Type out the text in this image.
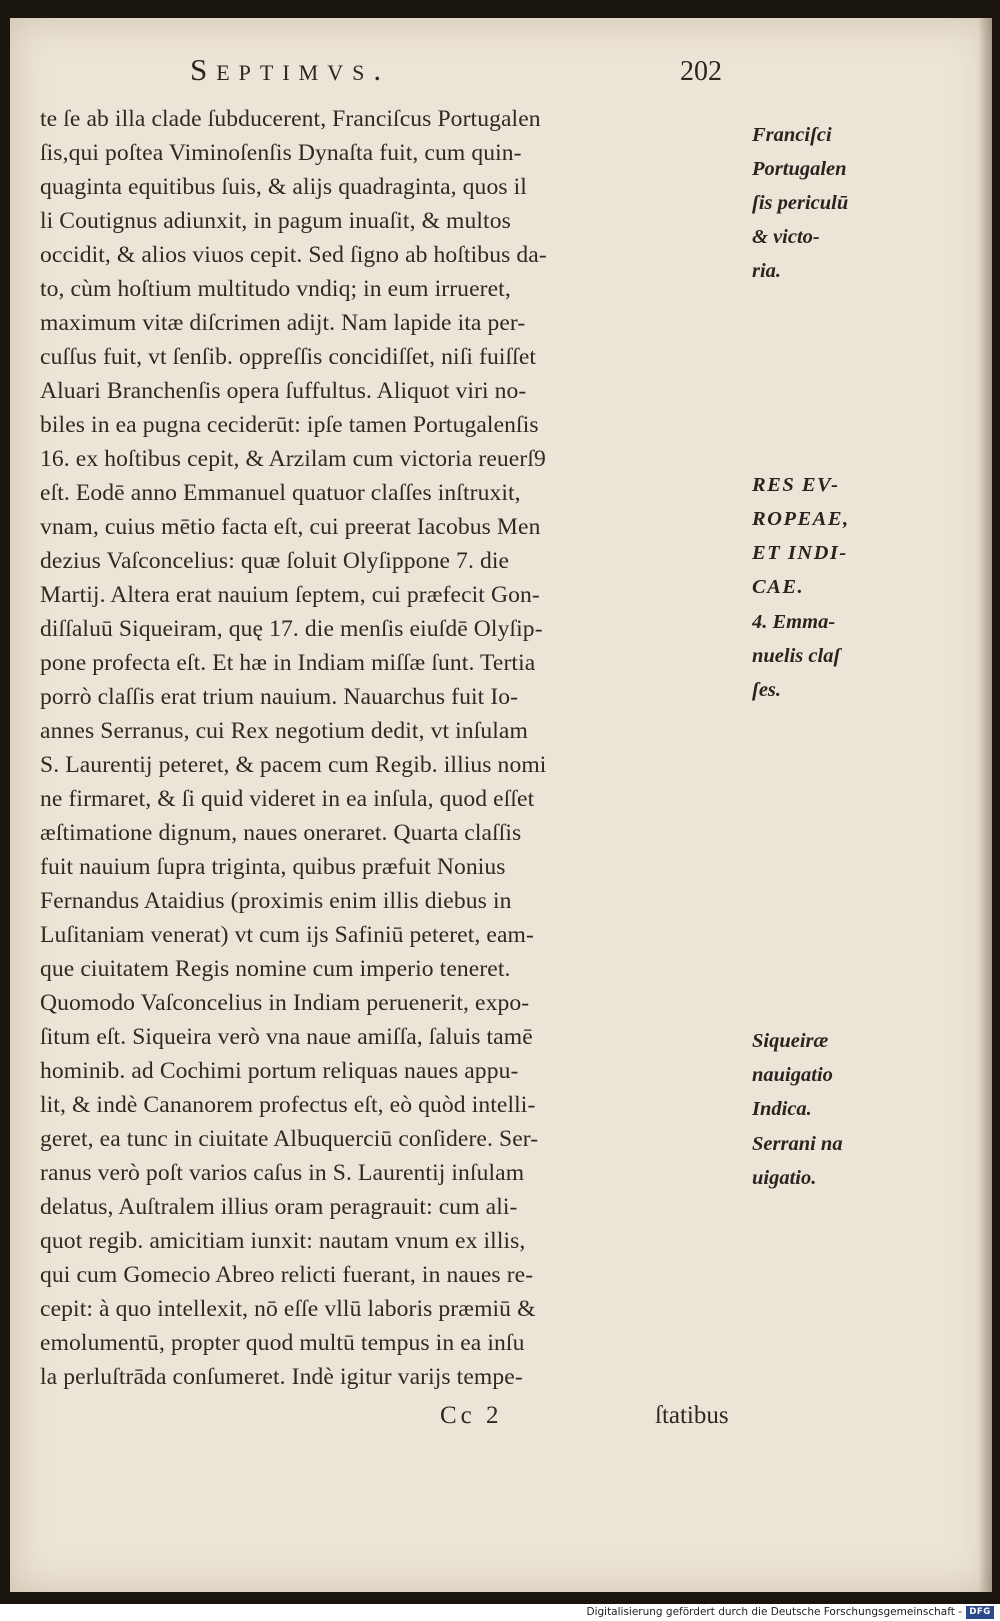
Septimvs.	202
te ſe ab illa clade ſubducerent, Franciſcus Portugalen
ſis,qui poſtea Viminoſenſis Dynaſta fuit, cum quin-
quaginta equitibus ſuis, & alijs quadraginta, quos il
li Coutignus adiunxit, in pagum inuaſit, & multos
occidit, & alios viuos cepit. Sed ſigno ab hoſtibus da-
to, cùm hoſtium multitudo vndiq; in eum irrueret,
maximum vitæ diſcrimen adijt. Nam lapide ita per-
cuſſus fuit, vt ſenſib. oppreſſis concidiſſet, niſi fuiſſet
Aluari Branchenſis opera ſuffultus. Aliquot viri no-
biles in ea pugna ceciderūt: ipſe tamen Portugalenſis
16. ex hoſtibus cepit, & Arzilam cum victoria reuerſ9
eſt. Eodē anno Emmanuel quatuor claſſes inſtruxit,
vnam, cuius mētio facta eſt, cui preerat Iacobus Men
dezius Vaſconcelius: quæ ſoluit Olyſippone 7. die
Martij. Altera erat nauium ſeptem, cui præfecit Gon-
diſſaluū Siqueiram, quę 17. die menſis eiuſdē Olyſip-
pone profecta eſt. Et hæ in Indiam miſſæ ſunt. Tertia
porrò claſſis erat trium nauium. Nauarchus fuit Io-
annes Serranus, cui Rex negotium dedit, vt inſulam
S. Laurentij peteret, & pacem cum Regib. illius nomi
ne firmaret, & ſi quid videret in ea inſula, quod eſſet
æſtimatione dignum, naues oneraret. Quarta claſſis
fuit nauium ſupra triginta, quibus præfuit Nonius
Fernandus Ataidius (proximis enim illis diebus in
Luſitaniam venerat) vt cum ijs Safiniū peteret, eam-
que ciuitatem Regis nomine cum imperio teneret.
Quomodo Vaſconcelius in Indiam peruenerit, expo-
ſitum eſt. Siqueira verò vna naue amiſſa, ſaluis tamē
hominib. ad Cochimi portum reliquas naues appu-
lit, & indè Cananorem profectus eſt, eò quòd intelli-
geret, ea tunc in ciuitate Albuquerciū conſidere. Ser-
ranus verò poſt varios caſus in S. Laurentij inſulam
delatus, Auſtralem illius oram peragrauit: cum ali-
quot regib. amicitiam iunxit: nautam vnum ex illis,
qui cum Gomecio Abreo relicti fuerant, in naues re-
cepit: à quo intellexit, nō eſſe vllū laboris præmiū &
emolumentū, propter quod multū tempus in ea inſu
la perluſtrāda conſumeret. Indè igitur varijs tempe-
Franciſci
Portugalen
ſis periculū
& victo-
ria.
RES EV-
ROPEAE,
ET INDI-
CAE.
4. Emma-
nuelis claſ
ſes.
Siqueiræ
nauigatio
Indica.
Serrani na
uigatio.
Cc 2	ſtatibus
Digitalisierung gefördert durch die Deutsche Forschungsgemeinschaft - DFG
